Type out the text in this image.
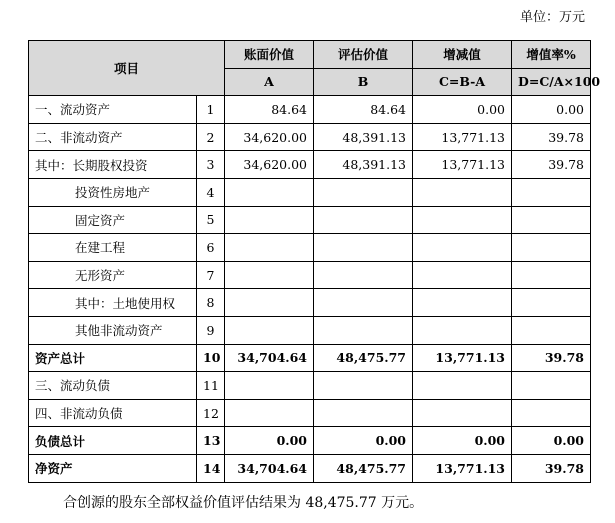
单位：万元
项目		账面价值	评估价值	增减值	增值率%
		A	B	C=B-A	D=C/A×100
一、流动资产	1	84.64	84.64	0.00	0.00
二、非流动资产	2	34,620.00	48,391.13	13,771.13	39.78
其中：长期股权投资	3	34,620.00	48,391.13	13,771.13	39.78
投资性房地产	4				
固定资产	5				
在建工程	6				
无形资产	7				
其中：土地使用权	8				
其他非流动资产	9				
资产总计	10	34,704.64	48,475.77	13,771.13	39.78
三、流动负债	11				
四、非流动负债	12				
负债总计	13	0.00	0.00	0.00	0.00
净资产	14	34,704.64	48,475.77	13,771.13	39.78
合创源的股东全部权益价值评估结果为 48,475.77 万元。
